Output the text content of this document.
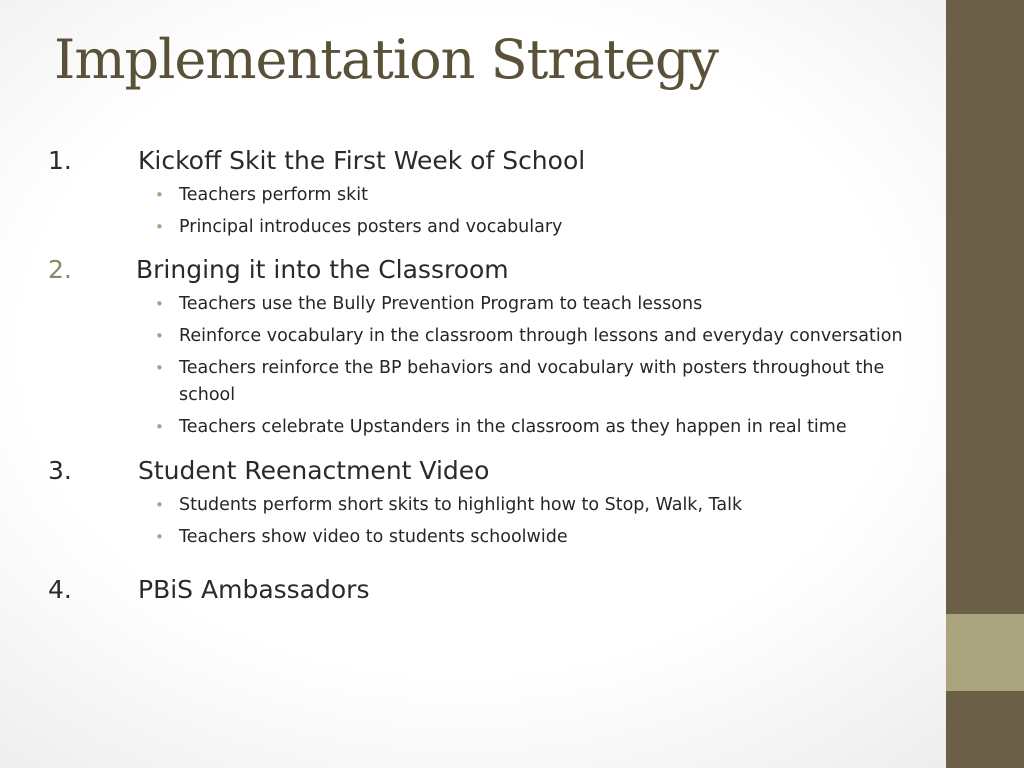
Implementation Strategy
1.	Kickoff Skit the First Week of School
• Teachers perform skit
• Principal introduces posters and vocabulary
2.	Bringing it into the Classroom
• Teachers use the Bully Prevention Program to teach lessons
• Reinforce vocabulary in the classroom through lessons and everyday conversation
• Teachers reinforce the BP behaviors and vocabulary with posters throughout the school
• Teachers celebrate Upstanders in the classroom as they happen in real time
3.	Student Reenactment Video
• Students perform short skits to highlight how to Stop, Walk, Talk
• Teachers show video to students schoolwide
4.	PBiS Ambassadors
